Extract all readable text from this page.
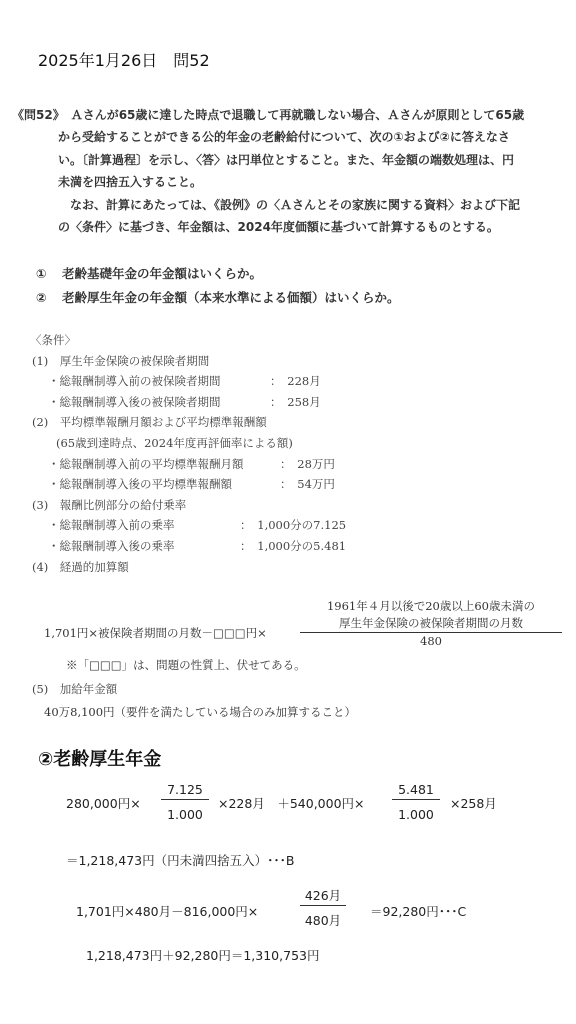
2025年1月26日　問52
《問52》　Ａさんが65歳に達した時点で退職して再就職しない場合、Ａさんが原則として65歳
から受給することができる公的年金の老齢給付について、次の①および②に答えなさ
い。〔計算過程〕を示し、〈答〉は円単位とすること。また、年金額の端数処理は、円
未満を四捨五入すること。
なお、計算にあたっては、《設例》の〈Ａさんとその家族に関する資料〉および下記
の〈条件〉に基づき、年金額は、2024年度価額に基づいて計算するものとする。
① 老齢基礎年金の年金額はいくらか。
② 老齢厚生年金の年金額（本来水準による価額）はいくらか。
〈条件〉
(1)　厚生年金保険の被保険者期間
・総報酬制導入前の被保険者期間	：　228月
・総報酬制導入後の被保険者期間	：　258月
(2)　平均標準報酬月額および平均標準報酬額
(65歳到達時点、2024年度再評価率による額)
・総報酬制導入前の平均標準報酬月額	：　28万円
・総報酬制導入後の平均標準報酬額	：　54万円
(3)　報酬比例部分の給付乗率
・総報酬制導入前の乗率	：　1,000分の7.125
・総報酬制導入後の乗率	：　1,000分の5.481
(4)　経過的加算額
1,701円×被保険者期間の月数－□□□円×
1961年４月以後で20歳以上60歳未満の
厚生年金保険の被保険者期間の月数
480
※「□□□」は、問題の性質上、伏せてある。
(5)　加給年金額
40万8,100円（要件を満たしている場合のみ加算すること）
②老齢厚生年金
280,000円× $\frac{7.125}{1.000} \times 228$月　＋540,000円× $\frac{5.481}{1.000} \times 258$月
＝1,218,473円（円未満四捨五入）･･･B
1,701円×480月－816,000円×
426月
480月
＝92,280円･･･C
1,218,473円＋92,280円＝1,310,753円
